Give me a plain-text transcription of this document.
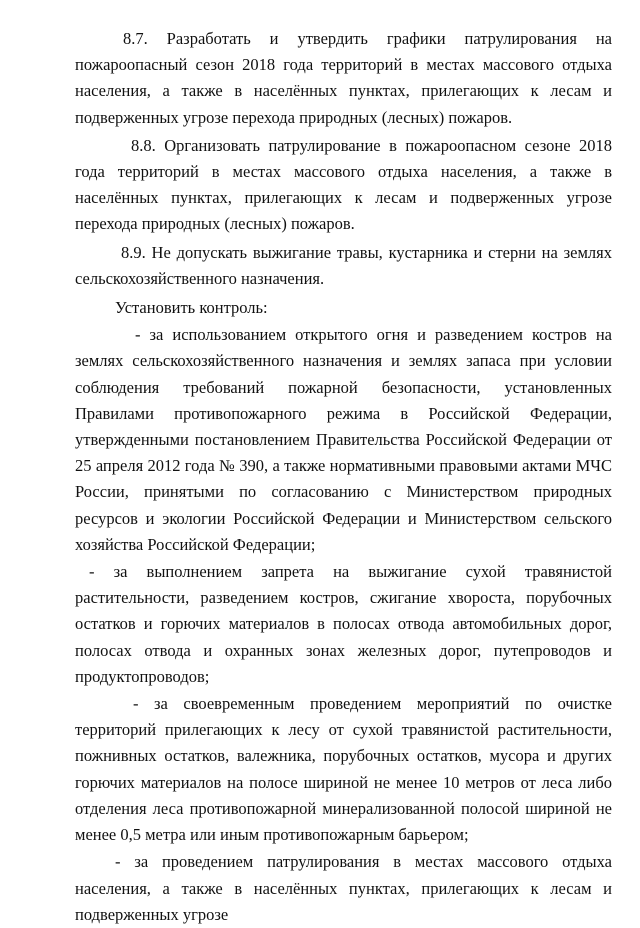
8.7. Разработать и утвердить графики патрулирования на пожароопасный сезон 2018 года территорий в местах массового отдыха населения, а также в населённых пунктах, прилегающих к лесам и подверженных угрозе перехода природных (лесных) пожаров.

8.8. Организовать патрулирование в пожароопасном сезоне 2018 года территорий в местах массового отдыха населения, а также в населённых пунктах, прилегающих к лесам и подверженных угрозе перехода природных (лесных) пожаров.

8.9. Не допускать выжигание травы, кустарника и стерни на землях сельскохозяйственного назначения.

Установить контроль:

- за использованием открытого огня и разведением костров на землях сельскохозяйственного назначения и землях запаса при условии соблюдения требований пожарной безопасности, установленных Правилами противопожарного режима в Российской Федерации, утвержденными постановлением Правительства Российской Федерации от 25 апреля 2012 года № 390, а также нормативными правовыми актами МЧС России, принятыми по согласованию с Министерством природных ресурсов и экологии Российской Федерации и Министерством сельского хозяйства Российской Федерации;

- за выполнением запрета на выжигание сухой травянистой растительности, разведением костров, сжигание хвороста, порубочных остатков и горючих материалов в полосах отвода автомобильных дорог, полосах отвода и охранных зонах железных дорог, путепроводов и продуктопроводов;

- за своевременным проведением мероприятий по очистке территорий прилегающих к лесу от сухой травянистой растительности, пожнивных остатков, валежника, порубочных остатков, мусора и других горючих материалов на полосе шириной не менее 10 метров от леса либо отделения леса противопожарной минерализованной полосой шириной не менее 0,5 метра или иным противопожарным барьером;

- за проведением патрулирования в местах массового отдыха населения, а также в населённых пунктах, прилегающих к лесам и подверженных угрозе
